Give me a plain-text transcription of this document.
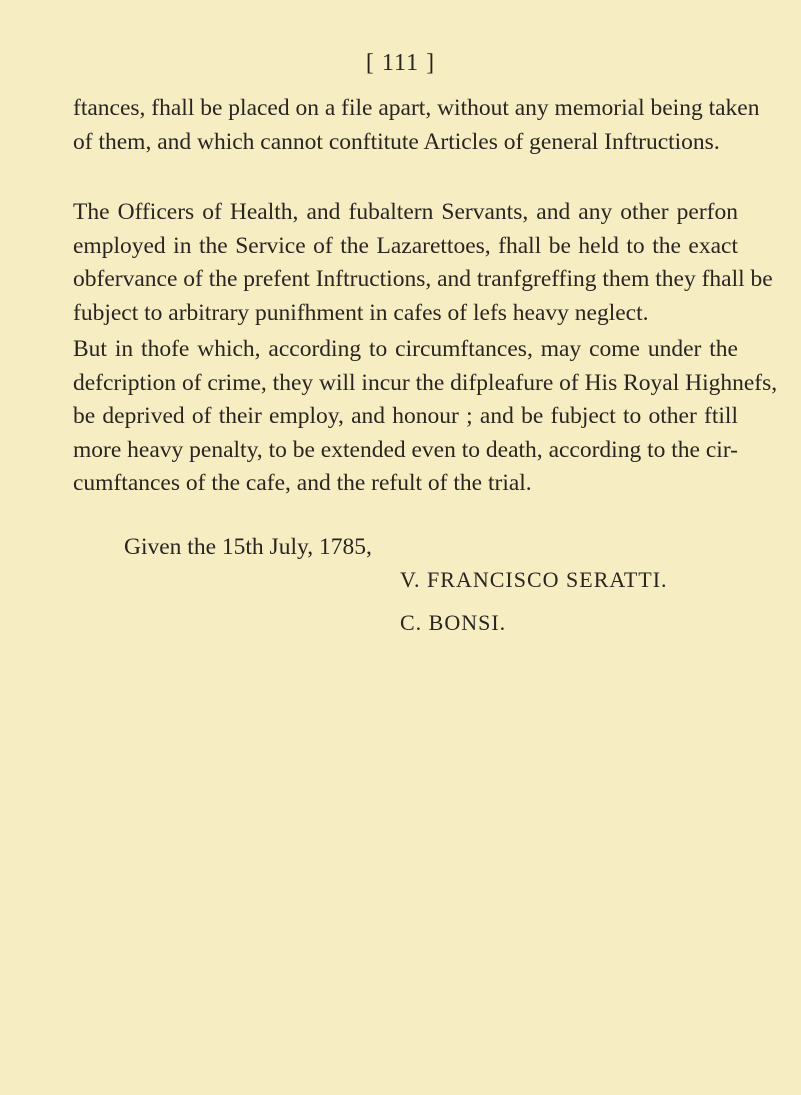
[ 111 ]
ftances, fhall be placed on a file apart, without any memorial being taken
of them, and which cannot conftitute Articles of general Inftructions.
The Officers of Health, and fubaltern Servants, and any other perfon
employed in the Service of the Lazarettoes, fhall be held to the exact
obfervance of the prefent Inftructions, and tranfgreffing them they fhall be
fubject to arbitrary punifhment in cafes of lefs heavy neglect.
But in thofe which, according to circumftances, may come under the
defcription of crime, they will incur the difpleafure of His Royal Highnefs,
be deprived of their employ, and honour ; and be fubject to other ftill
more heavy penalty, to be extended even to death, according to the cir-
cumftances of the cafe, and the refult of the trial.
Given the 15th July, 1785,
V. FRANCISCO SERATTI.
C. BONSI.
